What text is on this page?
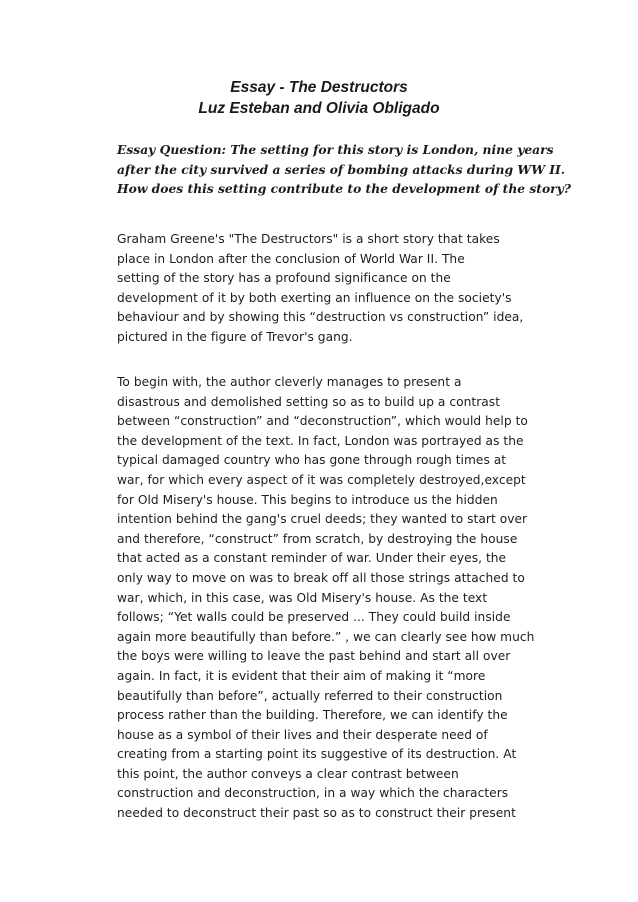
Essay - The Destructors
Luz Esteban and Olivia Obligado
Essay Question: The setting for this story is London, nine years
after the city survived a series of bombing attacks during WW II.
How does this setting contribute to the development of the story?
Graham Greene's "The Destructors" is a short story that takes
place in London after the conclusion of World War II. The
setting of the story has a profound significance on the
development of it by both exerting an influence on the society's
behaviour and by showing this “destruction vs construction” idea,
pictured in the figure of Trevor's gang.
To begin with, the author cleverly manages to present a
disastrous and demolished setting so as to build up a contrast
between “construction” and “deconstruction”, which would help to
the development of the text. In fact, London was portrayed as the
typical damaged country who has gone through rough times at
war, for which every aspect of it was completely destroyed,except
for Old Misery's house. This begins to introduce us the hidden
intention behind the gang's cruel deeds; they wanted to start over
and therefore, “construct” from scratch, by destroying the house
that acted as a constant reminder of war. Under their eyes, the
only way to move on was to break off all those strings attached to
war, which, in this case, was Old Misery's house. As the text
follows; “Yet walls could be preserved ... They could build inside
again more beautifully than before.” , we can clearly see how much
the boys were willing to leave the past behind and start all over
again. In fact, it is evident that their aim of making it “more
beautifully than before”, actually referred to their construction
process rather than the building. Therefore, we can identify the
house as a symbol of their lives and their desperate need of
creating from a starting point its suggestive of its destruction. At
this point, the author conveys a clear contrast between
construction and deconstruction, in a way which the characters
needed to deconstruct their past so as to construct their present
